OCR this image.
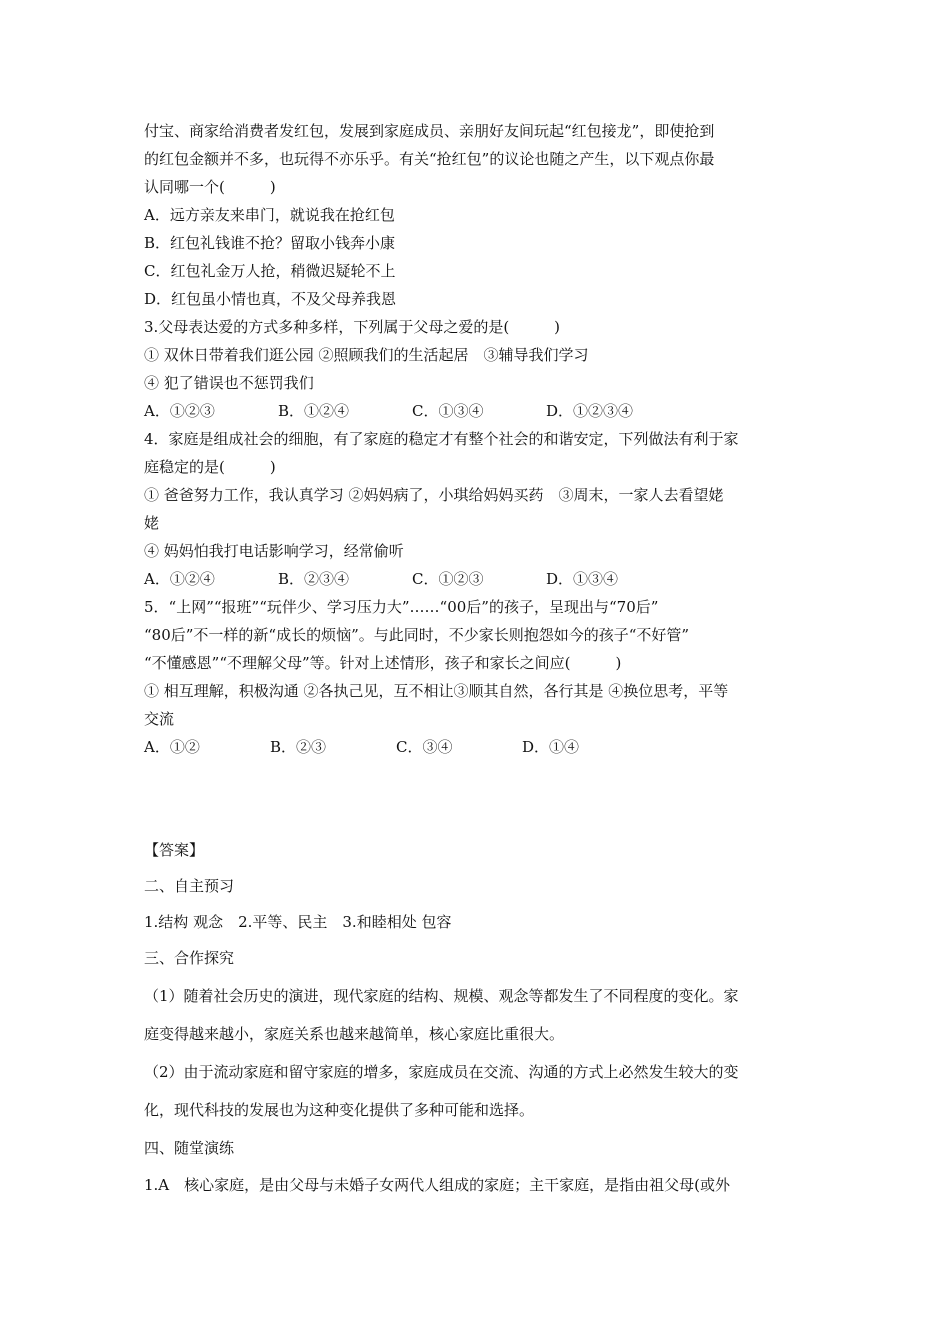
付宝、商家给消费者发红包，发展到家庭成员、亲朋好友间玩起“红包接龙”，即使抢到
的红包金额并不多，也玩得不亦乐乎。有关“抢红包”的议论也随之产生，以下观点你最
认同哪一个(　　　)
A．远方亲友来串门，就说我在抢红包
B．红包礼钱谁不抢？留取小钱奔小康
C．红包礼金万人抢，稍微迟疑轮不上
D．红包虽小情也真，不及父母养我恩
3.父母表达爱的方式多种多样，下列属于父母之爱的是(　　　)
① 双休日带着我们逛公园 ②照顾我们的生活起居　③辅导我们学习
④ 犯了错误也不惩罚我们
A．①②③	B．①②④	C．①③④	D．①②③④
4．家庭是组成社会的细胞，有了家庭的稳定才有整个社会的和谐安定，下列做法有利于家
庭稳定的是(　　　)
① 爸爸努力工作，我认真学习 ②妈妈病了，小琪给妈妈买药　③周末，一家人去看望姥
姥
④ 妈妈怕我打电话影响学习，经常偷听
A．①②④	B．②③④	C．①②③	D．①③④
5．“上网”“报班”“玩伴少、学习压力大”……“00后”的孩子，呈现出与“70后”
“80后”不一样的新“成长的烦恼”。与此同时，不少家长则抱怨如今的孩子“不好管”
“不懂感恩”“不理解父母”等。针对上述情形，孩子和家长之间应(　　　)
① 相互理解，积极沟通 ②各执己见，互不相让③顺其自然，各行其是 ④换位思考，平等
交流
A．①②	B．②③	C．③④	D．①④
【答案】
二、自主预习
1.结构 观念　2.平等、民主　3.和睦相处 包容
三、合作探究
（1）随着社会历史的演进，现代家庭的结构、规模、观念等都发生了不同程度的变化。家
庭变得越来越小，家庭关系也越来越简单，核心家庭比重很大。
（2）由于流动家庭和留守家庭的增多，家庭成员在交流、沟通的方式上必然发生较大的变
化，现代科技的发展也为这种变化提供了多种可能和选择。
四、随堂演练
1.A　核心家庭，是由父母与未婚子女两代人组成的家庭；主干家庭，是指由祖父母(或外
